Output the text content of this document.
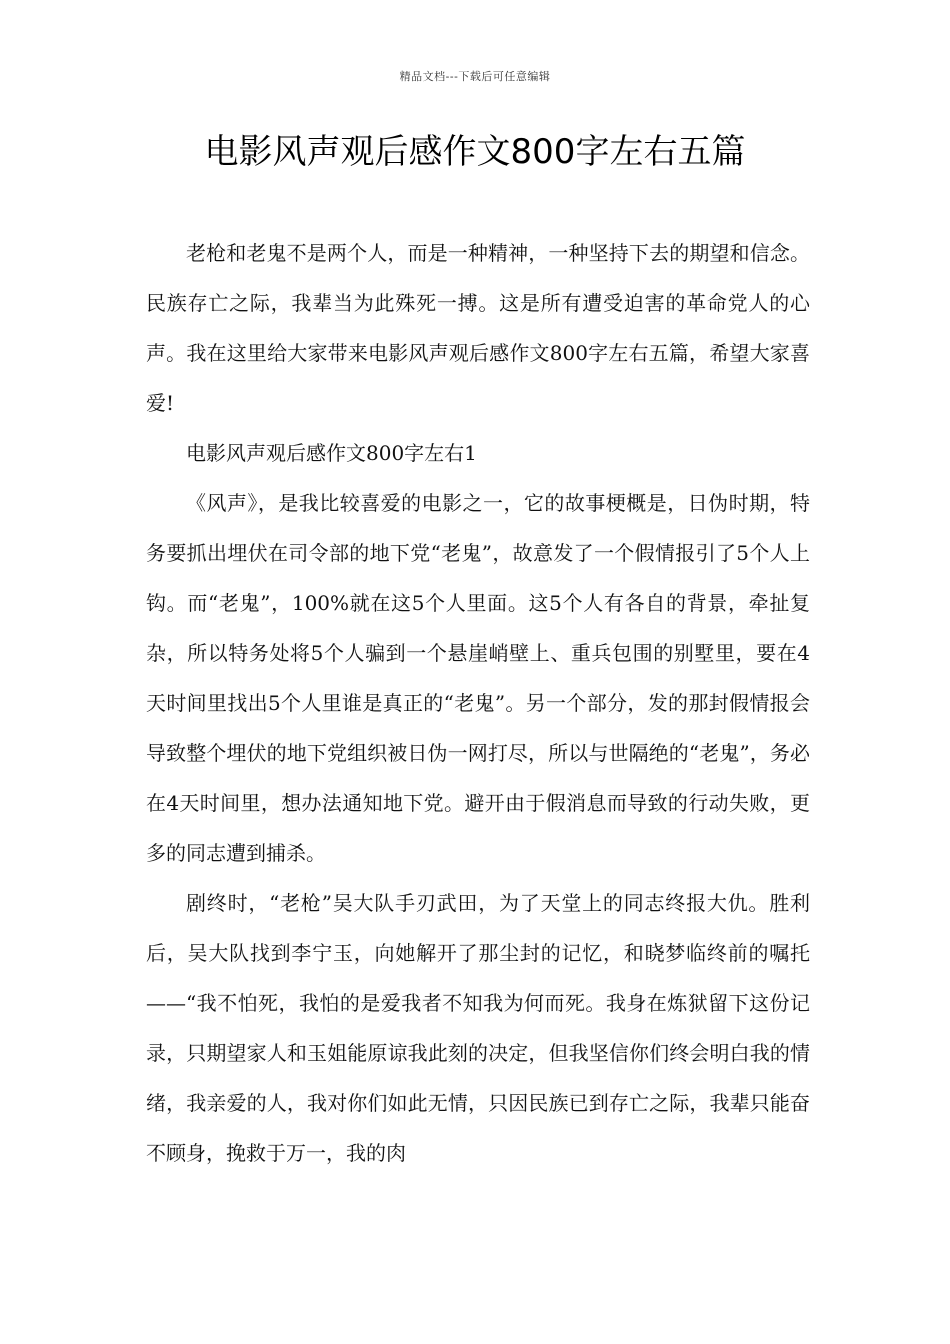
精品文档---下载后可任意编辑
电影风声观后感作文800字左右五篇

老枪和老鬼不是两个人，而是一种精神，一种坚持下去的期望和信念。民族存亡之际，我辈当为此殊死一搏。这是所有遭受迫害的革命党人的心声。我在这里给大家带来电影风声观后感作文800字左右五篇，希望大家喜爱!

电影风声观后感作文800字左右1

《风声》，是我比较喜爱的电影之一，它的故事梗概是，日伪时期，特务要抓出埋伏在司令部的地下党“老鬼”，故意发了一个假情报引了5个人上钩。而“老鬼”，100%就在这5个人里面。这5个人有各自的背景，牵扯复杂，所以特务处将5个人骗到一个悬崖峭壁上、重兵包围的别墅里，要在4天时间里找出5个人里谁是真正的“老鬼”。另一个部分，发的那封假情报会导致整个埋伏的地下党组织被日伪一网打尽，所以与世隔绝的“老鬼”，务必在4天时间里，想办法通知地下党。避开由于假消息而导致的行动失败，更多的同志遭到捕杀。

剧终时，“老枪”吴大队手刃武田，为了天堂上的同志终报大仇。胜利后，吴大队找到李宁玉，向她解开了那尘封的记忆，和晓梦临终前的嘱托——“我不怕死，我怕的是爱我者不知我为何而死。我身在炼狱留下这份记录，只期望家人和玉姐能原谅我此刻的决定，但我坚信你们终会明白我的情绪，我亲爱的人，我对你们如此无情，只因民族已到存亡之际，我辈只能奋不顾身，挽救于万一，我的肉
